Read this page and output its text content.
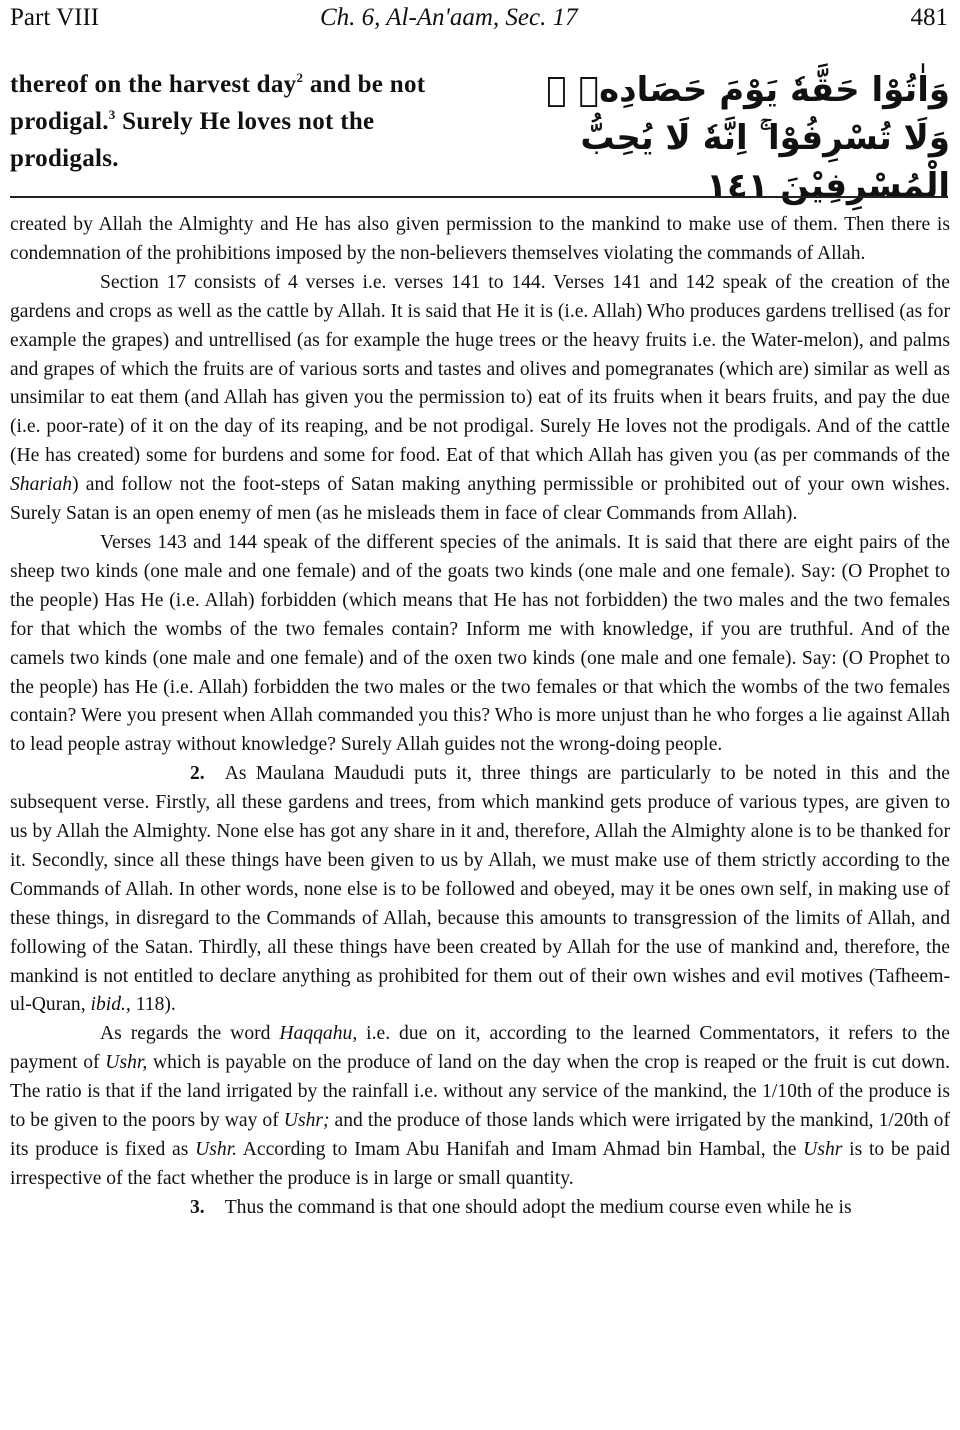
Part VIII	Ch. 6, Al-An'aam, Sec. 17	481
thereof on the harvest day$^2$ and be not prodigal.$^3$ Surely He loves not the prodigals.
وَاٰتُوْا حَقَّهٗ يَوْمَ حَصَادِهٖ ۖ
وَلَا تُسْرِفُوْا ۚ اِنَّهٗ لَا يُحِبُّ الْمُسْرِفِيْنَ ١٤١

created by Allah the Almighty and He has also given permission to the mankind to make use of them. Then there is condemnation of the prohibitions imposed by the non-believers themselves violating the commands of Allah.

Section 17 consists of 4 verses i.e. verses 141 to 144. Verses 141 and 142 speak of the creation of the gardens and crops as well as the cattle by Allah. It is said that He it is (i.e. Allah) Who produces gardens trellised (as for example the grapes) and untrellised (as for example the huge trees or the heavy fruits i.e. the Water-melon), and palms and grapes of which the fruits are of various sorts and tastes and olives and pomegranates (which are) similar as well as unsimilar to eat them (and Allah has given you the permission to) eat of its fruits when it bears fruits, and pay the due (i.e. poor-rate) of it on the day of its reaping, and be not prodigal. Surely He loves not the prodigals. And of the cattle (He has created) some for burdens and some for food. Eat of that which Allah has given you (as per commands of the Shariah) and follow not the foot-steps of Satan making anything permissible or prohibited out of your own wishes. Surely Satan is an open enemy of men (as he misleads them in face of clear Commands from Allah).

Verses 143 and 144 speak of the different species of the animals. It is said that there are eight pairs of the sheep two kinds (one male and one female) and of the goats two kinds (one male and one female). Say: (O Prophet to the people) Has He (i.e. Allah) forbidden (which means that He has not forbidden) the two males and the two females for that which the wombs of the two females contain? Inform me with knowledge, if you are truthful. And of the camels two kinds (one male and one female) and of the oxen two kinds (one male and one female). Say: (O Prophet to the people) has He (i.e. Allah) forbidden the two males or the two females or that which the wombs of the two females contain? Were you present when Allah commanded you this? Who is more unjust than he who forges a lie against Allah to lead people astray without knowledge? Surely Allah guides not the wrong-doing people.

2. As Maulana Maududi puts it, three things are particularly to be noted in this and the subsequent verse. Firstly, all these gardens and trees, from which mankind gets produce of various types, are given to us by Allah the Almighty. None else has got any share in it and, therefore, Allah the Almighty alone is to be thanked for it. Secondly, since all these things have been given to us by Allah, we must make use of them strictly according to the Commands of Allah. In other words, none else is to be followed and obeyed, may it be ones own self, in making use of these things, in disregard to the Commands of Allah, because this amounts to transgression of the limits of Allah, and following of the Satan. Thirdly, all these things have been created by Allah for the use of mankind and, therefore, the mankind is not entitled to declare anything as prohibited for them out of their own wishes and evil motives (Tafheem-ul-Quran, ibid., 118).

As regards the word Haqqahu, i.e. due on it, according to the learned Commentators, it refers to the payment of Ushr, which is payable on the produce of land on the day when the crop is reaped or the fruit is cut down. The ratio is that if the land irrigated by the rainfall i.e. without any service of the mankind, the 1/10th of the produce is to be given to the poors by way of Ushr; and the produce of those lands which were irrigated by the mankind, 1/20th of its produce is fixed as Ushr. According to Imam Abu Hanifah and Imam Ahmad bin Hambal, the Ushr is to be paid irrespective of the fact whether the produce is in large or small quantity.

3. Thus the command is that one should adopt the medium course even while he is
